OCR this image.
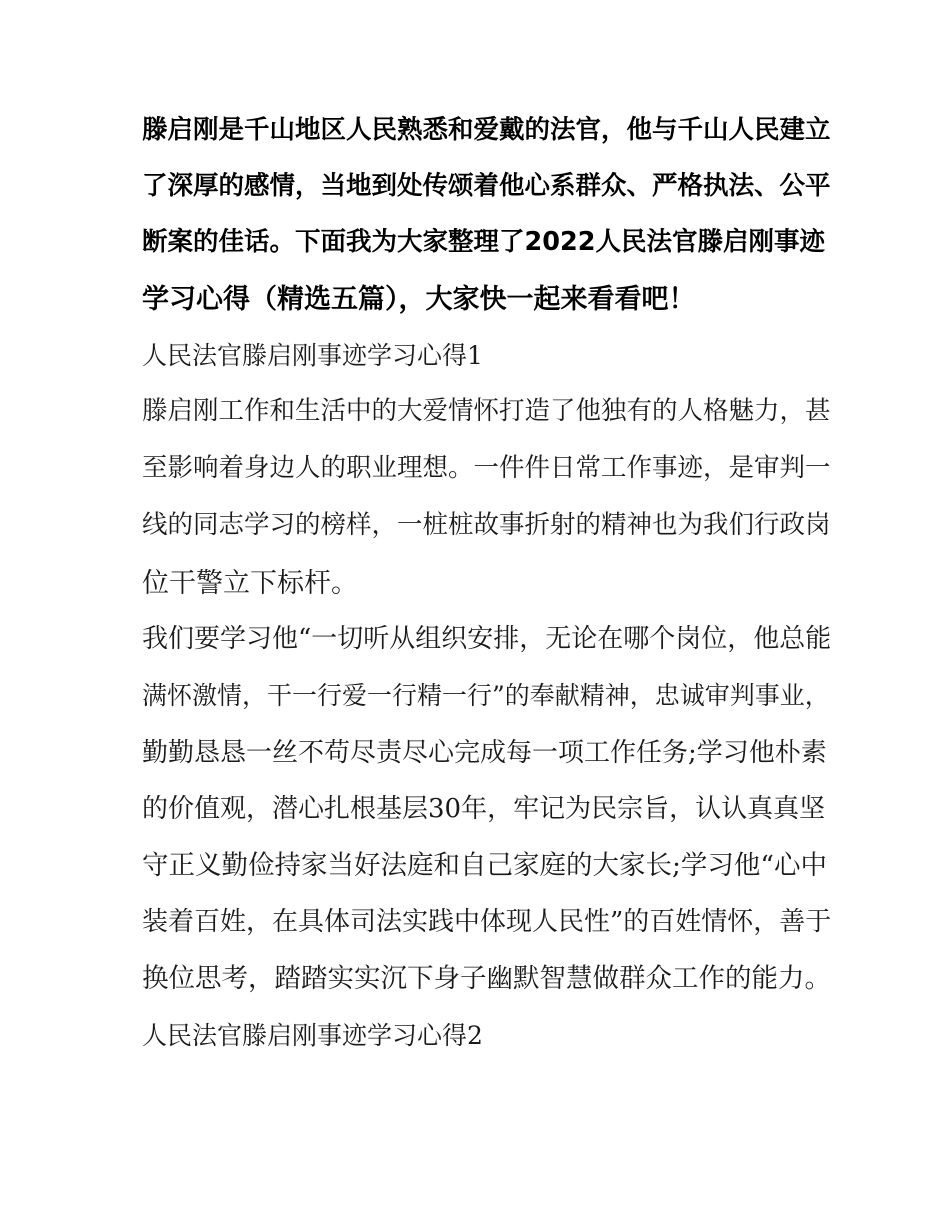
滕启刚是千山地区人民熟悉和爱戴的法官，他与千山人民建立
了深厚的感情，当地到处传颂着他心系群众、严格执法、公平
断案的佳话。下面我为大家整理了2022人民法官滕启刚事迹
学习心得（精选五篇），大家快一起来看看吧！
人民法官滕启刚事迹学习心得1
滕启刚工作和生活中的大爱情怀打造了他独有的人格魅力，甚
至影响着身边人的职业理想。一件件日常工作事迹，是审判一
线的同志学习的榜样，一桩桩故事折射的精神也为我们行政岗
位干警立下标杆。
我们要学习他“一切听从组织安排，无论在哪个岗位，他总能
满怀激情，干一行爱一行精一行”的奉献精神，忠诚审判事业，
勤勤恳恳一丝不苟尽责尽心完成每一项工作任务;学习他朴素
的价值观，潜心扎根基层30年，牢记为民宗旨，认认真真坚
守正义勤俭持家当好法庭和自己家庭的大家长;学习他“心中
装着百姓，在具体司法实践中体现人民性”的百姓情怀，善于
换位思考，踏踏实实沉下身子幽默智慧做群众工作的能力。
人民法官滕启刚事迹学习心得2
